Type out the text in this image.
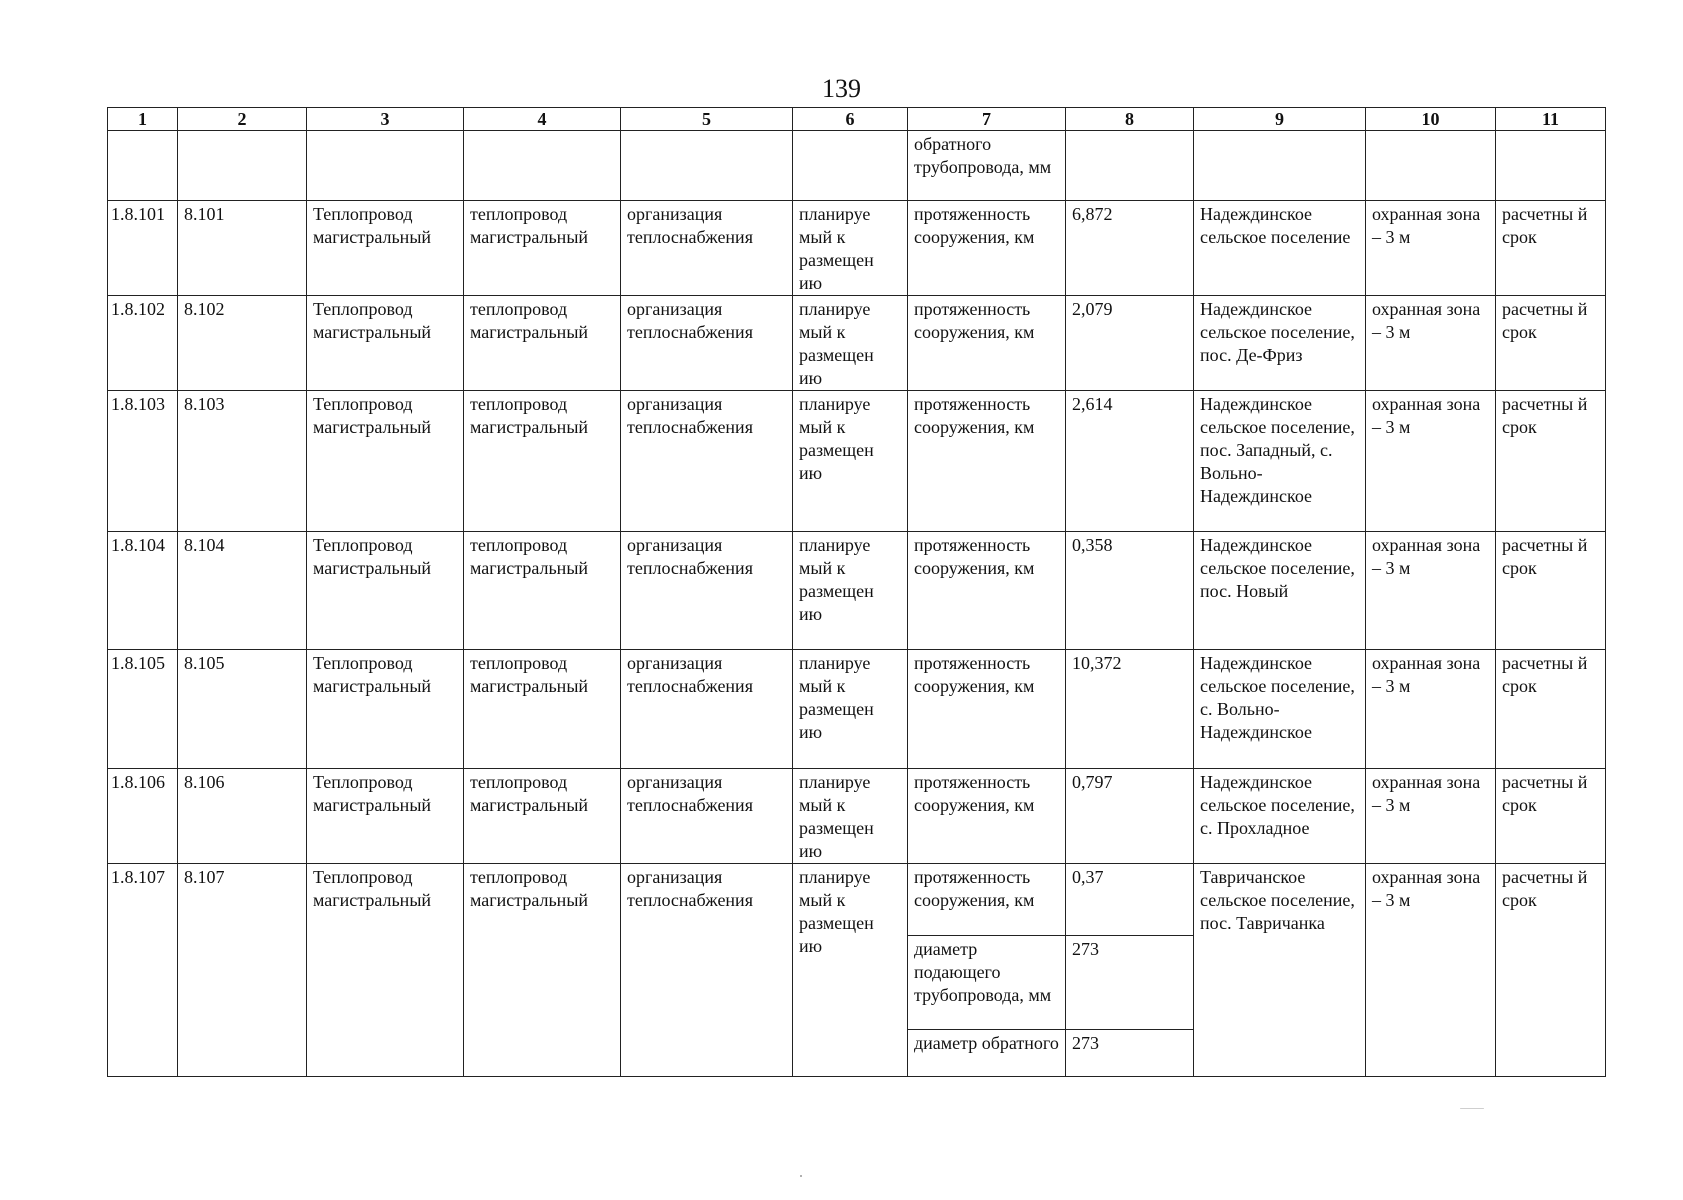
139
1	2	3	4	5	6	7	8	9	10	11
						обратного трубопровода, мм				
1.8.101	8.101	Теплопровод магистральный	теплопровод магистральный	организация теплоснабжения	планируе мый к размещен ию	протяженность сооружения, км	6,872	Надеждинское сельское поселение	охранная зона – 3 м	расчетны й срок
1.8.102	8.102	Теплопровод магистральный	теплопровод магистральный	организация теплоснабжения	планируе мый к размещен ию	протяженность сооружения, км	2,079	Надеждинское сельское поселение, пос. Де-Фриз	охранная зона – 3 м	расчетны й срок
1.8.103	8.103	Теплопровод магистральный	теплопровод магистральный	организация теплоснабжения	планируе мый к размещен ию	протяженность сооружения, км	2,614	Надеждинское сельское поселение, пос. Западный, с. Вольно-Надеждинское	охранная зона – 3 м	расчетны й срок
1.8.104	8.104	Теплопровод магистральный	теплопровод магистральный	организация теплоснабжения	планируе мый к размещен ию	протяженность сооружения, км	0,358	Надеждинское сельское поселение, пос. Новый	охранная зона – 3 м	расчетны й срок
1.8.105	8.105	Теплопровод магистральный	теплопровод магистральный	организация теплоснабжения	планируе мый к размещен ию	протяженность сооружения, км	10,372	Надеждинское сельское поселение, с. Вольно-Надеждинское	охранная зона – 3 м	расчетны й срок
1.8.106	8.106	Теплопровод магистральный	теплопровод магистральный	организация теплоснабжения	планируе мый к размещен ию	протяженность сооружения, км	0,797	Надеждинское сельское поселение, с. Прохладное	охранная зона – 3 м	расчетны й срок
1.8.107	8.107	Теплопровод магистральный	теплопровод магистральный	организация теплоснабжения	планируе мый к размещен ию	протяженность сооружения, км	0,37	Тавричанское сельское поселение, пос. Тавричанка	охранная зона – 3 м	расчетны й срок
						диаметр подающего трубопровода, мм	273			
						диаметр обратного	273			
